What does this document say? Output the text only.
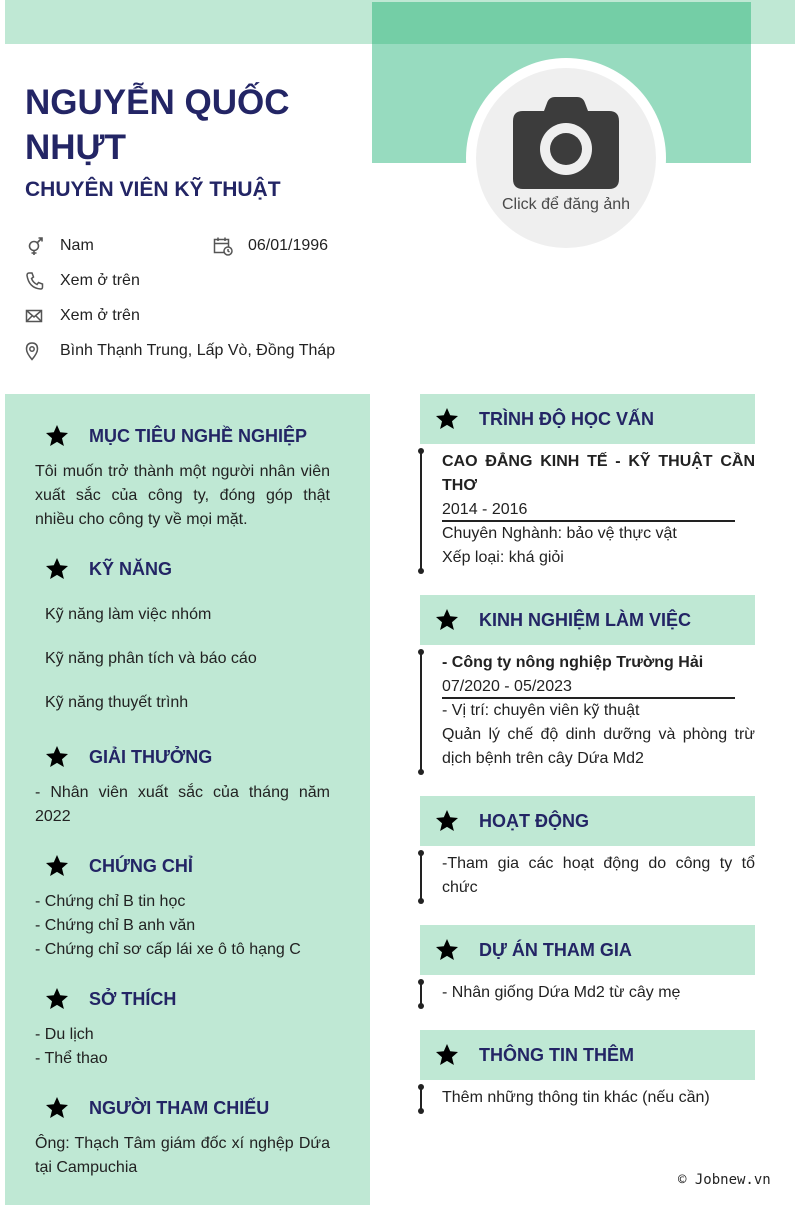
Click để đăng ảnh
NGUYỄN QUỐC NHỰT
CHUYÊN VIÊN KỸ THUẬT
Nam	06/01/1996
Xem ở trên
Xem ở trên
Bình Thạnh Trung, Lấp Vò, Đồng Tháp
MỤC TIÊU NGHỀ NGHIỆP
Tôi muốn trở thành một người nhân viên xuất sắc của công ty, đóng góp thật nhiều cho công ty về mọi mặt.
KỸ NĂNG
Kỹ năng làm việc nhóm
Kỹ năng phân tích và báo cáo
Kỹ năng thuyết trình
GIẢI THƯỞNG
- Nhân viên xuất sắc của tháng năm 2022
CHỨNG CHỈ
- Chứng chỉ B tin học
- Chứng chỉ B anh văn
- Chứng chỉ sơ cấp lái xe ô tô hạng C
SỞ THÍCH
- Du lịch
- Thể thao
NGƯỜI THAM CHIẾU
Ông: Thạch Tâm giám đốc xí nghệp Dứa tại Campuchia
TRÌNH ĐỘ HỌC VẤN
CAO ĐẲNG KINH TẾ - KỸ THUẬT CẦN THƠ
2014 - 2016
Chuyên Nghành: bảo vệ thực vật
Xếp loại: khá giỏi
KINH NGHIỆM LÀM VIỆC
- Công ty nông nghiệp Trường Hải
07/2020 - 05/2023
- Vị trí: chuyên viên kỹ thuật
Quản lý chế độ dinh dưỡng và phòng trừ dịch bệnh trên cây Dứa Md2
HOẠT ĐỘNG
-Tham gia các hoạt động do công ty tổ chức
DỰ ÁN THAM GIA
- Nhân giống Dứa Md2 từ cây mẹ
THÔNG TIN THÊM
Thêm những thông tin khác (nếu cần)
© Jobnew.vn
